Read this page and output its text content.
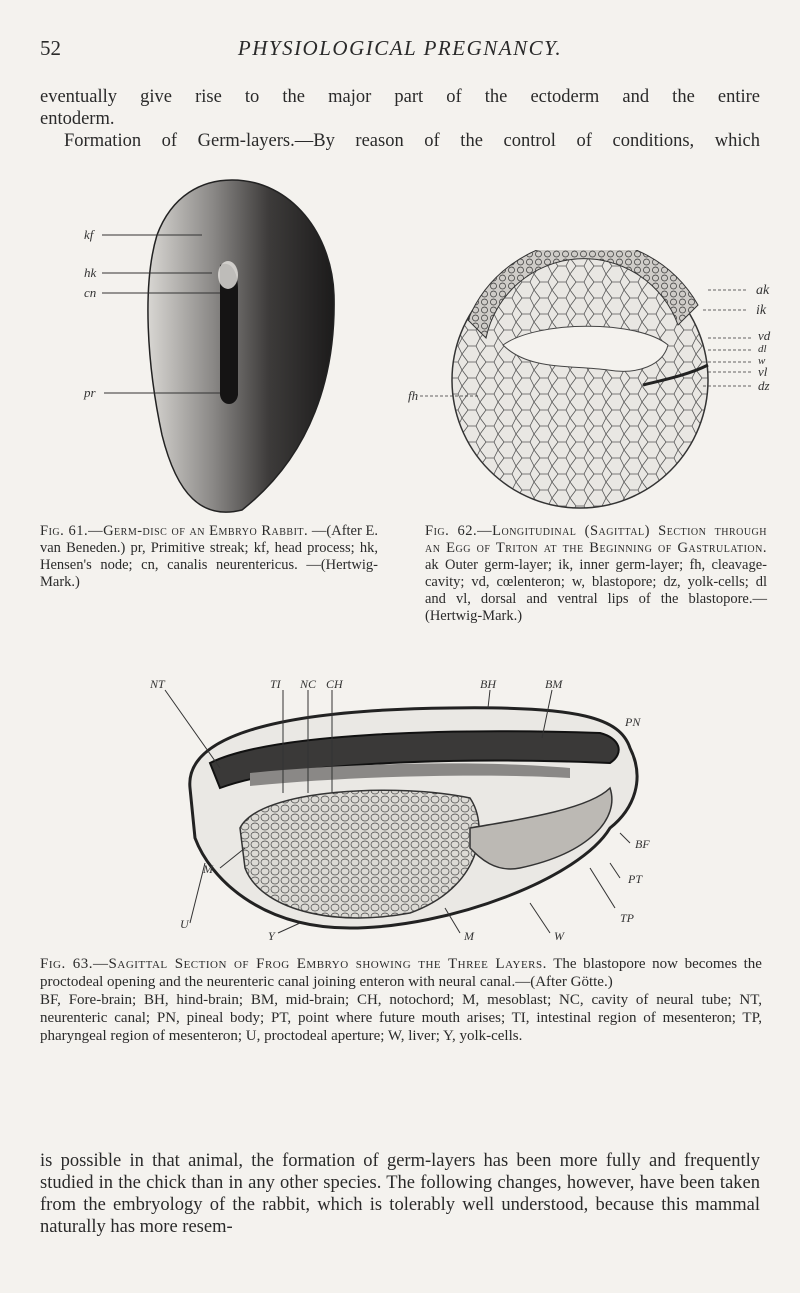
52	PHYSIOLOGICAL PREGNANCY.
eventually give rise to the major part of the ectoderm and the entire
entoderm.
Formation of Germ-layers.—By reason of the control of conditions, which
kf
hk
cn
pr
ak
ik
vd
dl
w
vl
dz
fh
Fig. 61.—Germ-disc of an Embryo Rabbit. —(After E. van Beneden.) pr, Primitive streak; kf, head process; hk, Hensen's node; cn, canalis neurentericus. —(Hertwig-Mark.)
Fig. 62.—Longitudinal (Sagittal) Section through an Egg of Triton at the Beginning of Gastrulation. ak Outer germ-layer; ik, inner germ-layer; fh, cleavage-cavity; vd, cœlenteron; w, blastopore; dz, yolk-cells; dl and vl, dorsal and ventral lips of the blastopore.— (Hertwig-Mark.)
NT	TI NC CH	BH	BM
PN
BF
PT
TP
M
U
Y	M	W
Fig. 63.—Sagittal Section of Frog Embryo showing the Three Layers. The blastopore now becomes the proctodeal opening and the neurenteric canal joining enteron with neural canal.—(After Götte.)
BF, Fore-brain; BH, hind-brain; BM, mid-brain; CH, notochord; M, mesoblast; NC, cavity of neural tube; NT, neurenteric canal; PN, pineal body; PT, point where future mouth arises; TI, intestinal region of mesenteron; TP, pharyngeal region of mesenteron; U, proctodeal aperture; W, liver; Y, yolk-cells.
is possible in that animal, the formation of germ-layers has been more fully and frequently studied in the chick than in any other species. The following changes, however, have been taken from the embryology of the rabbit, which is tolerably well understood, because this mammal naturally has more resem-
